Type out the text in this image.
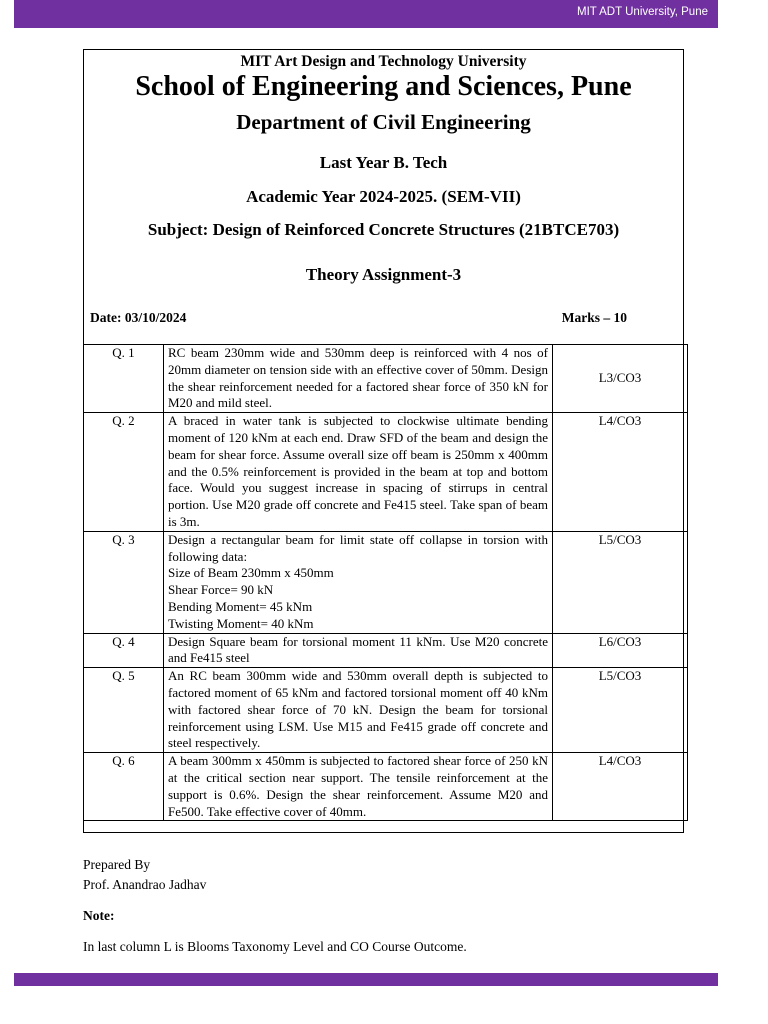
MIT ADT University, Pune
MIT Art Design and Technology University
School of Engineering and Sciences, Pune
Department of Civil Engineering
Last Year B. Tech
Academic Year 2024-2025. (SEM-VII)
Subject: Design of Reinforced Concrete Structures (21BTCE703)
Theory Assignment-3
Date: 03/10/2024	Marks – 10
Q. 1	RC beam 230mm wide and 530mm deep is reinforced with 4 nos of 20mm diameter on tension side with an effective cover of 50mm. Design the shear reinforcement needed for a factored shear force of 350 kN for M20 and mild steel.	L3/CO3
Q. 2	A braced in water tank is subjected to clockwise ultimate bending moment of 120 kNm at each end. Draw SFD of the beam and design the beam for shear force. Assume overall size off beam is 250mm x 400mm and the 0.5% reinforcement is provided in the beam at top and bottom face. Would you suggest increase in spacing of stirrups in central portion. Use M20 grade off concrete and Fe415 steel. Take span of beam is 3m.	L4/CO3
Q. 3	Design a rectangular beam for limit state off collapse in torsion with following data:
Size of Beam 230mm x 450mm
Shear Force= 90 kN
Bending Moment= 45 kNm
Twisting Moment= 40 kNm	L5/CO3
Q. 4	Design Square beam for torsional moment 11 kNm. Use M20 concrete and Fe415 steel	L6/CO3
Q. 5	An RC beam 300mm wide and 530mm overall depth is subjected to factored moment of 65 kNm and factored torsional moment off 40 kNm with factored shear force of 70 kN. Design the beam for torsional reinforcement using LSM. Use M15 and Fe415 grade off concrete and steel respectively.	L5/CO3
Q. 6	A beam 300mm x 450mm is subjected to factored shear force of 250 kN at the critical section near support. The tensile reinforcement at the support is 0.6%. Design the shear reinforcement. Assume M20 and Fe500. Take effective cover of 40mm.	L4/CO3
Prepared By
Prof. Anandrao Jadhav
Note:
In last column L is Blooms Taxonomy Level and CO Course Outcome.
